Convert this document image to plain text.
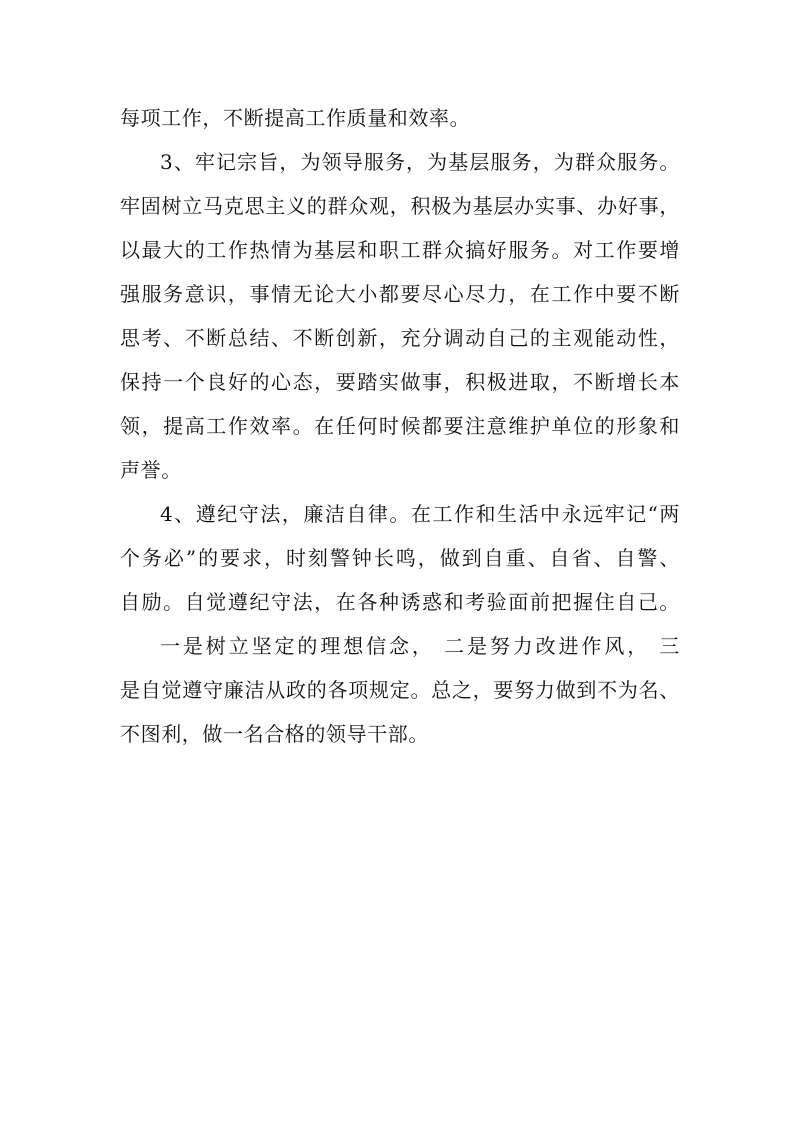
每项工作，不断提高工作质量和效率。
3、牢记宗旨，为领导服务，为基层服务，为群众服务。
牢固树立马克思主义的群众观，积极为基层办实事、办好事，
以最大的工作热情为基层和职工群众搞好服务。对工作要增
强服务意识，事情无论大小都要尽心尽力，在工作中要不断
思考、不断总结、不断创新，充分调动自己的主观能动性，
保持一个良好的心态，要踏实做事，积极进取，不断增长本
领，提高工作效率。在任何时候都要注意维护单位的形象和
声誉。
4、遵纪守法，廉洁自律。在工作和生活中永远牢记“两
个务必”的要求，时刻警钟长鸣，做到自重、自省、自警、
自励。自觉遵纪守法，在各种诱惑和考验面前把握住自己。
一是树立坚定的理想信念， 二是努力改进作风， 三
是自觉遵守廉洁从政的各项规定。总之，要努力做到不为名、
不图利，做一名合格的领导干部。
